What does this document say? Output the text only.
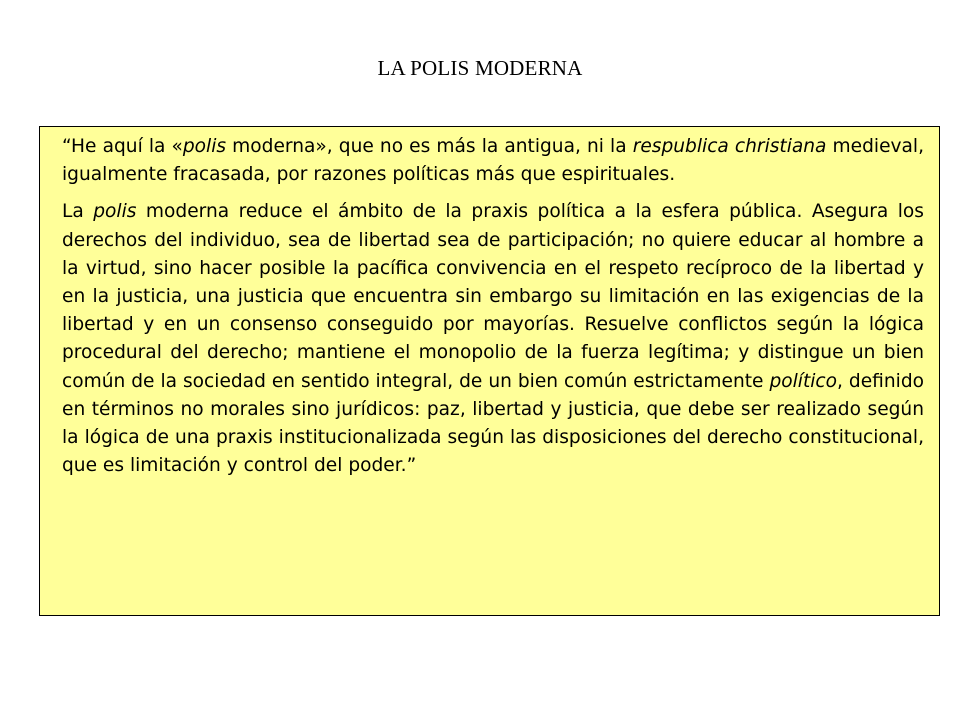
LA POLIS MODERNA

“He aquí la «polis moderna», que no es más la antigua, ni la respublica christiana medieval, igualmente fracasada, por razones políticas más que espirituales.

La polis moderna reduce el ámbito de la praxis política a la esfera pública. Asegura los derechos del individuo, sea de libertad sea de participación; no quiere educar al hombre a la virtud, sino hacer posible la pacífica convivencia en el respeto recíproco de la libertad y en la justicia, una justicia que encuentra sin embargo su limitación en las exigencias de la libertad y en un consenso conseguido por mayorías. Resuelve conflictos según la lógica procedural del derecho; mantiene el monopolio de la fuerza legítima; y distingue un bien común de la sociedad en sentido integral, de un bien común estrictamente político, definido en términos no morales sino jurídicos: paz, libertad y justicia, que debe ser realizado según la lógica de una praxis institucionalizada según las disposiciones del derecho constitucional, que es limitación y control del poder.”
